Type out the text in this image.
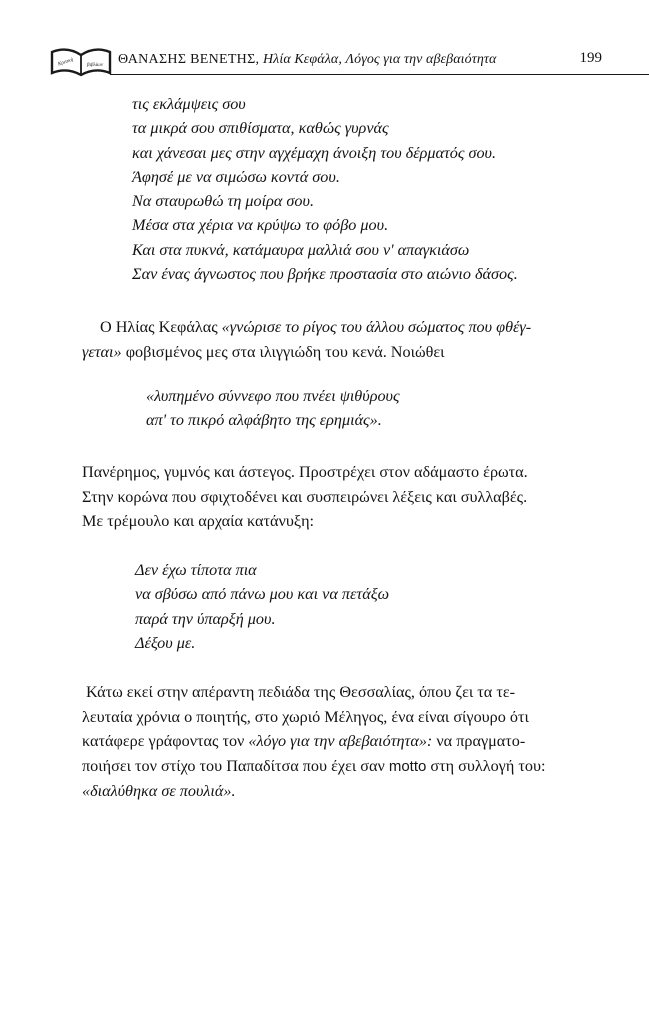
Κριτική βιβλίων ΘΑΝΑΣΗΣ ΒΕΝΕΤΗΣ, Ηλία Κεφάλα, Λόγος για την αβεβαιότητα	199
τις εκλάμψεις σου
τα μικρά σου σπιθίσματα, καθώς γυρνάς
και χάνεσαι μες στην αγχέμαχη άνοιξη του δέρματός σου.
Άφησέ με να σιμώσω κοντά σου.
Να σταυρωθώ τη μοίρα σου.
Μέσα στα χέρια να κρύψω το φόβο μου.
Και στα πυκνά, κατάμαυρα μαλλιά σου ν' απαγκιάσω
Σαν ένας άγνωστος που βρήκε προστασία στο αιώνιο δάσος.
Ο Ηλίας Κεφάλας «γνώρισε το ρίγος του άλλου σώματος που φθέγ-
γεται» φοβισμένος μες στα ιλιγγιώδη του κενά. Νοιώθει
«λυπημένο σύννεφο που πνέει ψιθύρους
απ' το πικρό αλφάβητο της ερημιάς».
Πανέρημος, γυμνός και άστεγος. Προστρέχει στον αδάμαστο έρωτα.
Στην κορώνα που σφιχτοδένει και συσπειρώνει λέξεις και συλλαβές.
Με τρέμουλο και αρχαία κατάνυξη:
Δεν έχω τίποτα πια
να σβύσω από πάνω μου και να πετάξω
παρά την ύπαρξή μου.
Δέξου με.
Κάτω εκεί στην απέραντη πεδιάδα της Θεσσαλίας, όπου ζει τα τε-
λευταία χρόνια ο ποιητής, στο χωριό Μέληγος, ένα είναι σίγουρο ότι
κατάφερε γράφοντας τον «λόγο για την αβεβαιότητα»: να πραγματο-
ποιήσει τον στίχο του Παπαδίτσα που έχει σαν motto στη συλλογή του:
«διαλύθηκα σε πουλιά».
